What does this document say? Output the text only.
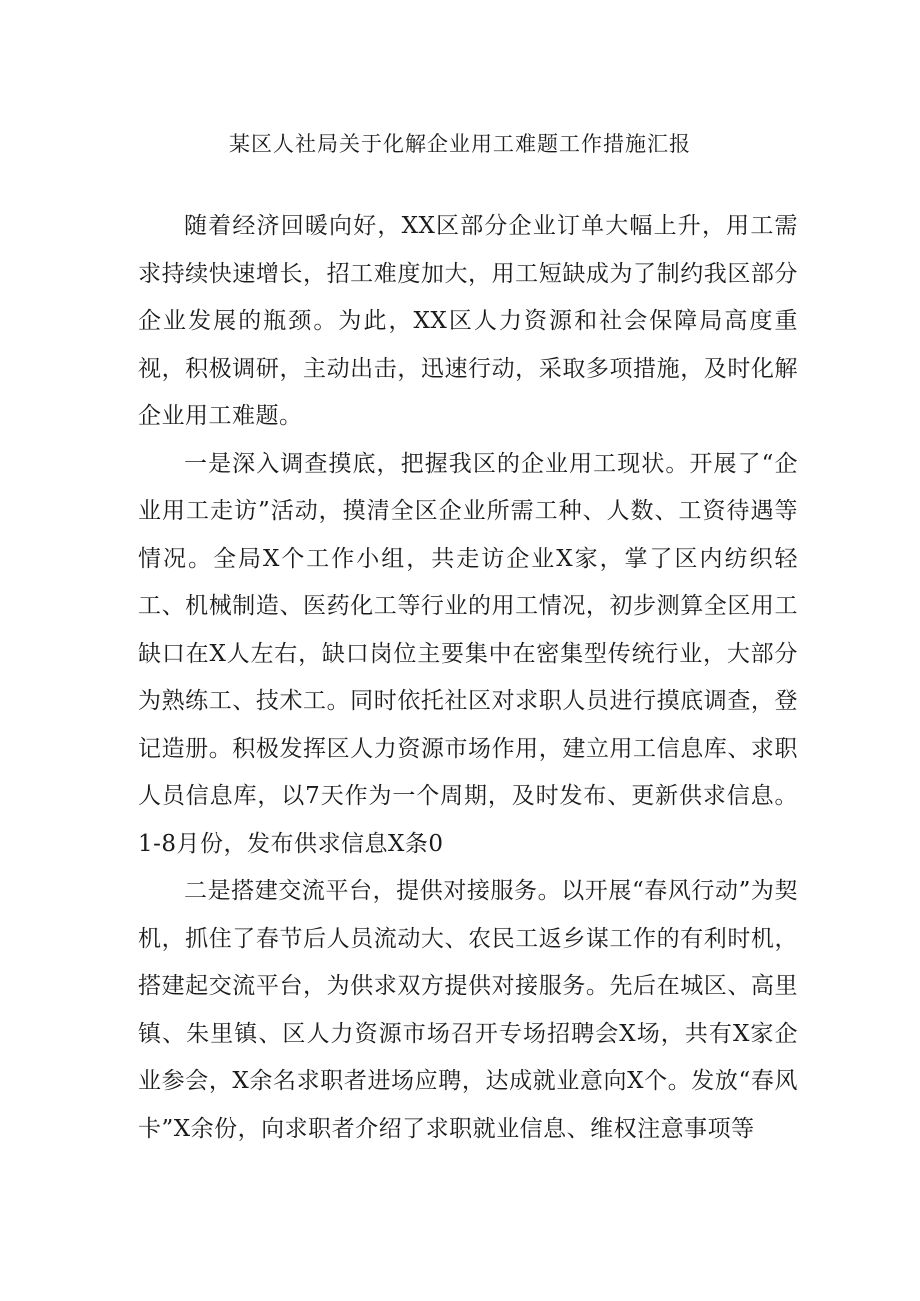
某区人社局关于化解企业用工难题工作措施汇报

随着经济回暖向好，XX区部分企业订单大幅上升，用工需求持续快速增长，招工难度加大，用工短缺成为了制约我区部分企业发展的瓶颈。为此，XX区人力资源和社会保障局高度重视，积极调研，主动出击，迅速行动，采取多项措施，及时化解企业用工难题。

一是深入调查摸底，把握我区的企业用工现状。开展了“企业用工走访”活动，摸清全区企业所需工种、人数、工资待遇等情况。全局X个工作小组，共走访企业X家，掌了区内纺织轻工、机械制造、医药化工等行业的用工情况，初步测算全区用工缺口在X人左右，缺口岗位主要集中在密集型传统行业，大部分为熟练工、技术工。同时依托社区对求职人员进行摸底调查，登记造册。积极发挥区人力资源市场作用，建立用工信息库、求职人员信息库，以7天作为一个周期，及时发布、更新供求信息。1-8月份，发布供求信息X条0

二是搭建交流平台，提供对接服务。以开展“春风行动”为契机，抓住了春节后人员流动大、农民工返乡谋工作的有利时机，搭建起交流平台，为供求双方提供对接服务。先后在城区、高里镇、朱里镇、区人力资源市场召开专场招聘会X场，共有X家企业参会，X余名求职者进场应聘，达成就业意向X个。发放“春风卡”X余份，向求职者介绍了求职就业信息、维权注意事项等
